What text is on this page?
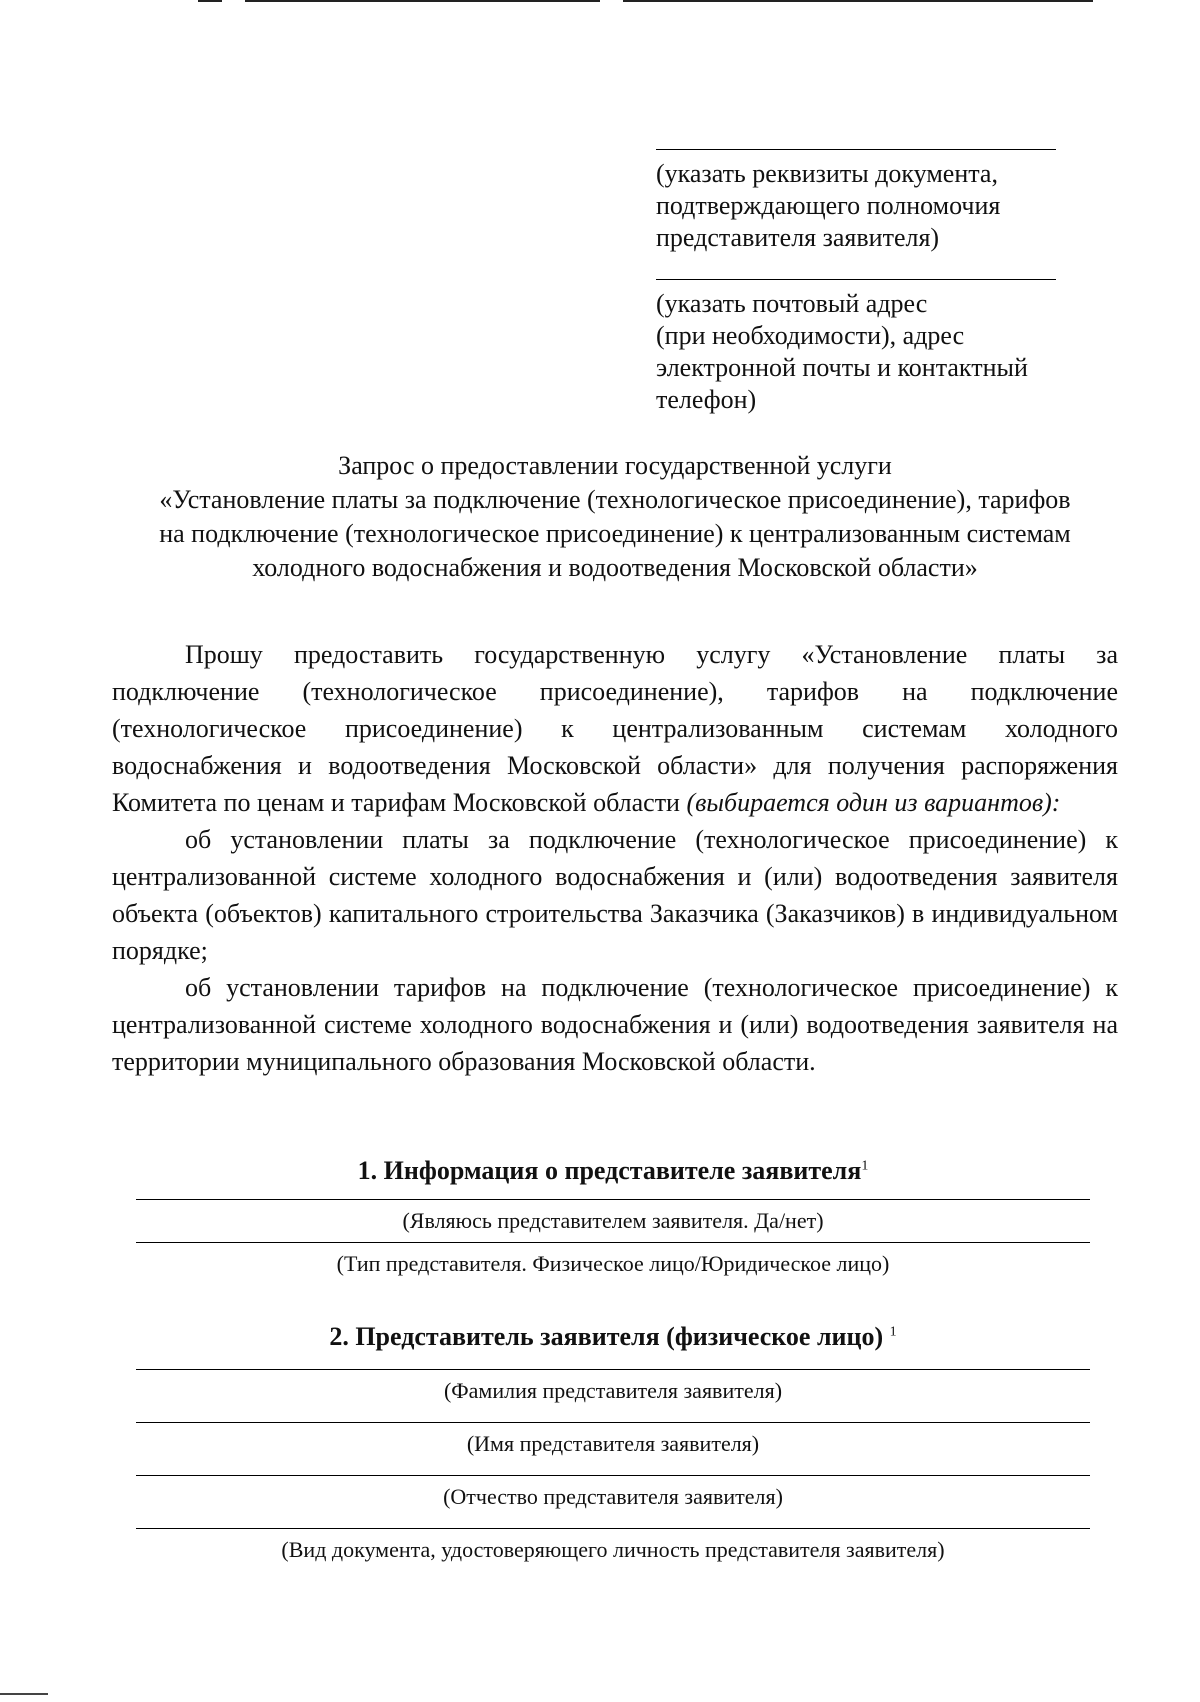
(указать реквизиты документа,
подтверждающего полномочия
представителя заявителя)
(указать почтовый адрес
(при необходимости), адрес
электронной почты и контактный
телефон)
Запрос о предоставлении государственной услуги
«Установление платы за подключение (технологическое присоединение), тарифов
на подключение (технологическое присоединение) к централизованным системам
холодного водоснабжения и водоотведения Московской области»

Прошу предоставить государственную услугу «Установление платы за подключение (технологическое присоединение), тарифов на подключение (технологическое присоединение) к централизованным системам холодного водоснабжения и водоотведения Московской области» для получения распоряжения Комитета по ценам и тарифам Московской области (выбирается один из вариантов):

об установлении платы за подключение (технологическое присоединение) к централизованной системе холодного водоснабжения и (или) водоотведения заявителя объекта (объектов) капитального строительства Заказчика (Заказчиков) в индивидуальном порядке;

об установлении тарифов на подключение (технологическое присоединение) к централизованной системе холодного водоснабжения и (или) водоотведения заявителя на территории муниципального образования Московской области.

1. Информация о представителе заявителя$^1$
(Являюсь представителем заявителя. Да/нет)
(Тип представителя. Физическое лицо/Юридическое лицо)
2. Представитель заявителя (физическое лицо) $^1$
(Фамилия представителя заявителя)
(Имя представителя заявителя)
(Отчество представителя заявителя)
(Вид документа, удостоверяющего личность представителя заявителя)
